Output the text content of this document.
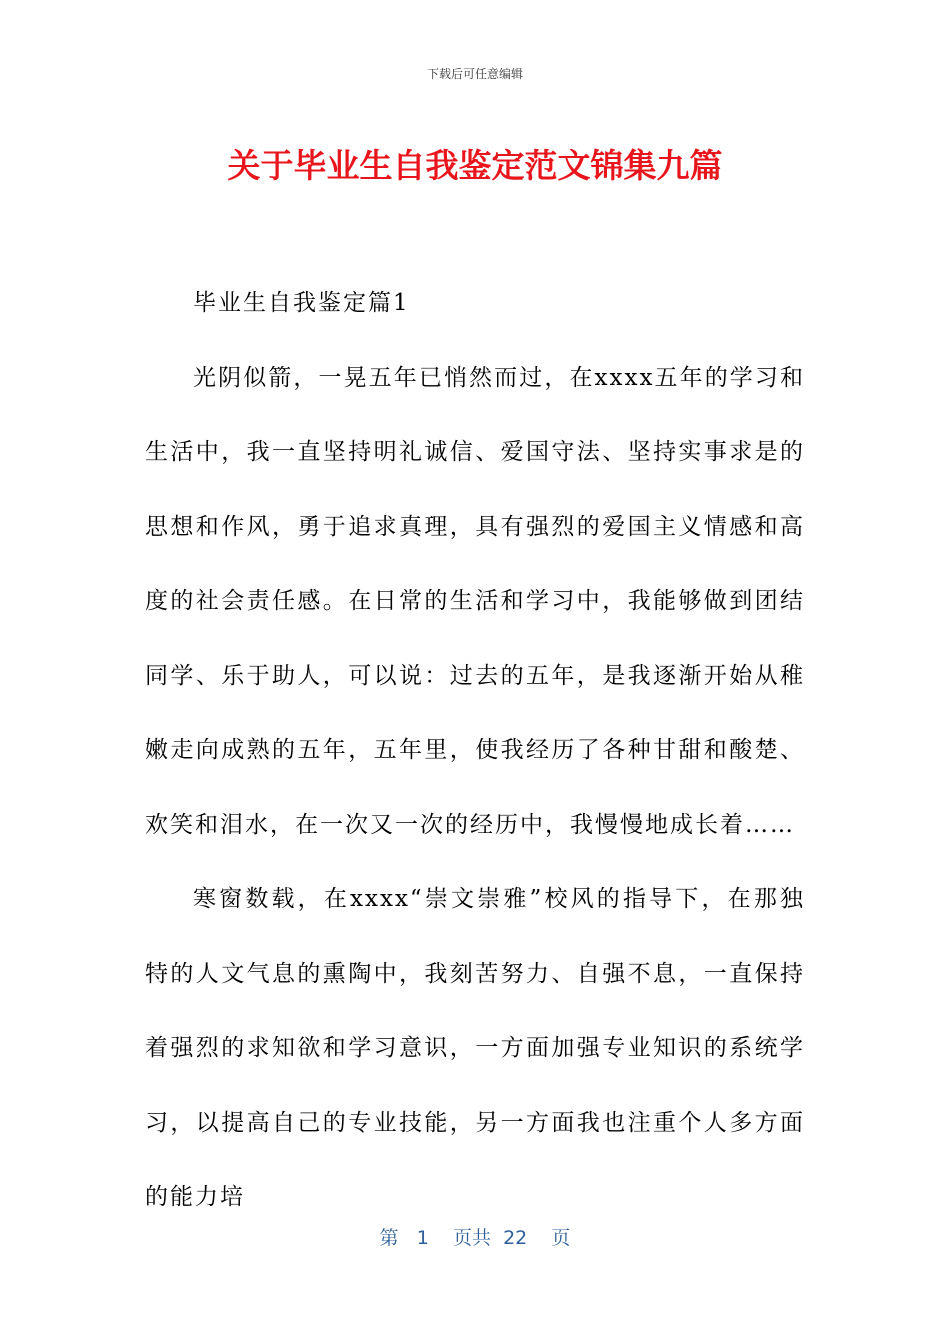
下载后可任意编辑
关于毕业生自我鉴定范文锦集九篇

毕业生自我鉴定篇1

光阴似箭，一晃五年已悄然而过，在xxxx五年的学习和生活中，我一直坚持明礼诚信、爱国守法、坚持实事求是的思想和作风，勇于追求真理，具有强烈的爱国主义情感和高度的社会责任感。在日常的生活和学习中，我能够做到团结同学、乐于助人，可以说：过去的五年，是我逐渐开始从稚嫩走向成熟的五年，五年里，使我经历了各种甘甜和酸楚、欢笑和泪水，在一次又一次的经历中，我慢慢地成长着……

寒窗数载，在xxxx“崇文崇雅”校风的指导下，在那独特的人文气息的熏陶中，我刻苦努力、自强不息，一直保持着强烈的求知欲和学习意识，一方面加强专业知识的系统学习，以提高自己的专业技能，另一方面我也注重个人多方面的能力培

第 1 页共 22 页
